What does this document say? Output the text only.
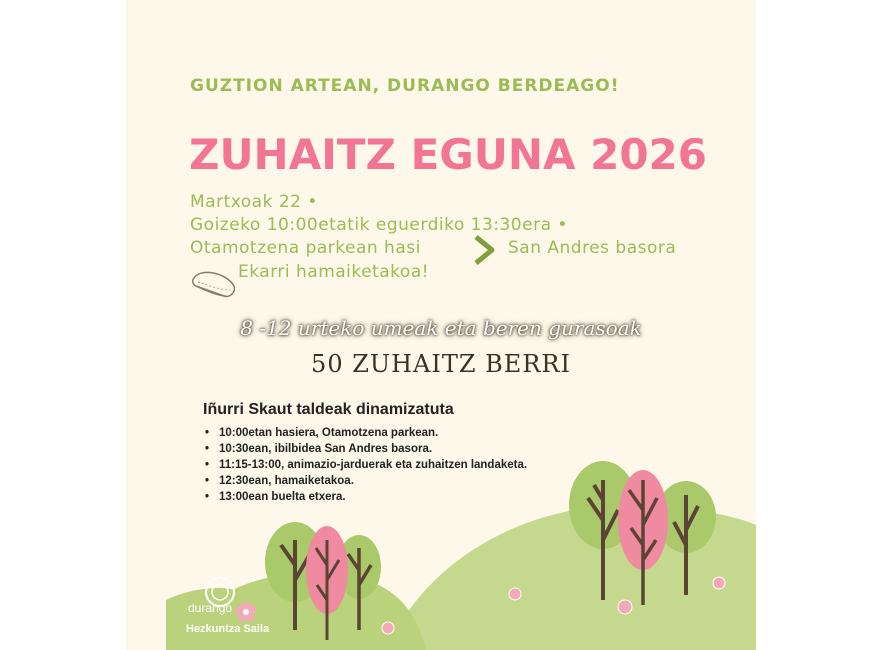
GUZTION ARTEAN, DURANGO BERDEAGO!
ZUHAITZ EGUNA 2026
Martxoak 22 •
Goizeko 10:00etatik eguerdiko 13:30era •
Otamotzena parkean hasi	San Andres basora
Ekarri hamaiketakoa!
8 -12 urteko umeak eta beren gurasoak
50 ZUHAITZ BERRI
Iñurri Skaut taldeak dinamizatuta
• 10:00etan hasiera, Otamotzena parkean.
• 10:30ean, ibilbidea San Andres basora.
• 11:15-13:00, animazio-jarduerak eta zuhaitzen landaketa.
• 12:30ean, hamaiketakoa.
• 13:00ean buelta etxera.
durango
Hezkuntza Saila
